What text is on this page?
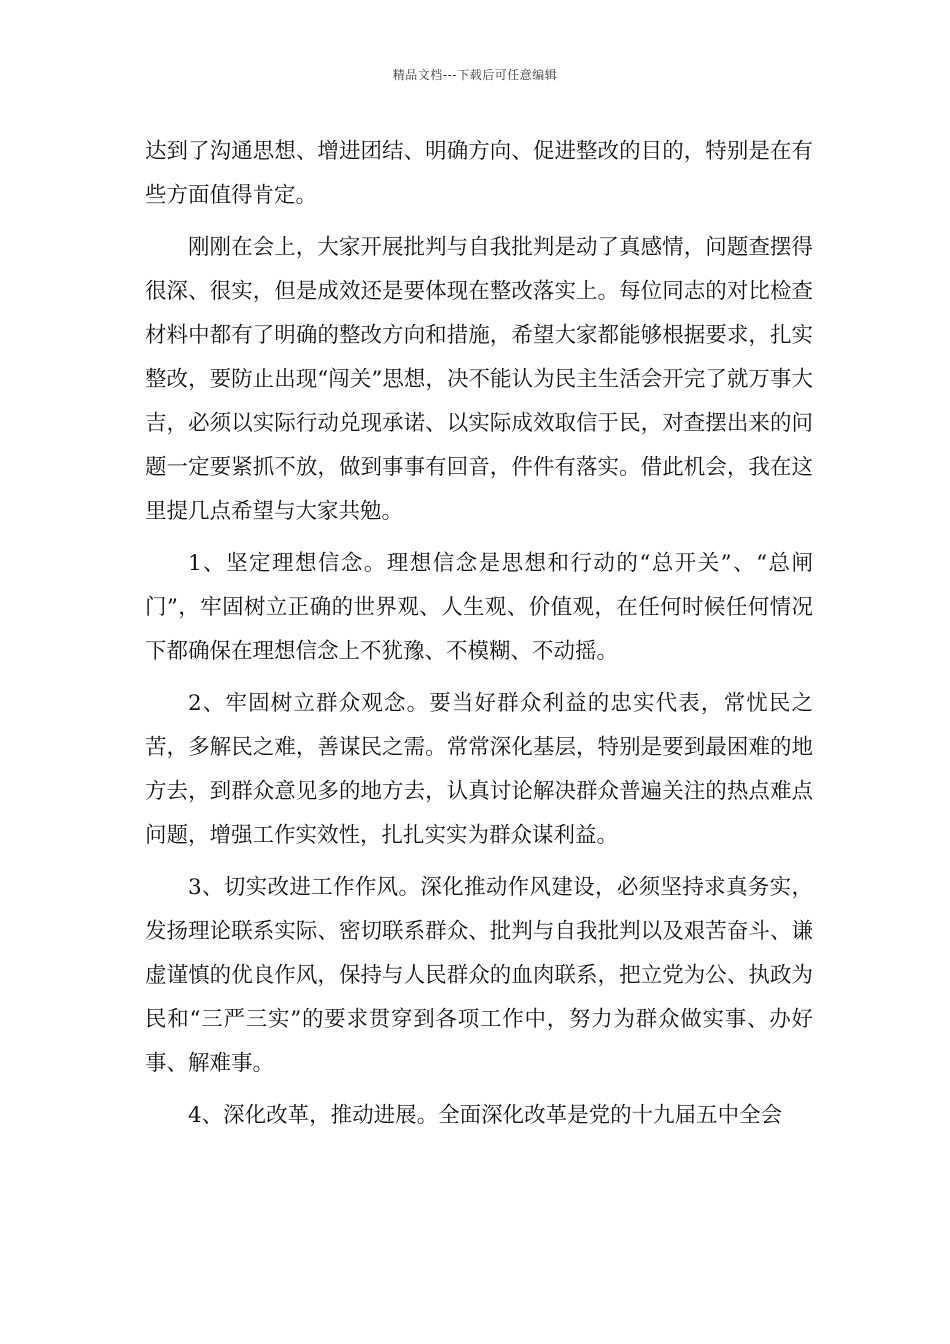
精品文档---下载后可任意编辑

达到了沟通思想、增进团结、明确方向、促进整改的目的，特别是在有些方面值得肯定。

刚刚在会上，大家开展批判与自我批判是动了真感情，问题查摆得很深、很实，但是成效还是要体现在整改落实上。每位同志的对比检查材料中都有了明确的整改方向和措施，希望大家都能够根据要求，扎实整改，要防止出现“闯关”思想，决不能认为民主生活会开完了就万事大吉，必须以实际行动兑现承诺、以实际成效取信于民，对查摆出来的问题一定要紧抓不放，做到事事有回音，件件有落实。借此机会，我在这里提几点希望与大家共勉。

1、坚定理想信念。理想信念是思想和行动的“总开关”、“总闸门”，牢固树立正确的世界观、人生观、价值观，在任何时候任何情况下都确保在理想信念上不犹豫、不模糊、不动摇。

2、牢固树立群众观念。要当好群众利益的忠实代表，常忧民之苦，多解民之难，善谋民之需。常常深化基层，特别是要到最困难的地方去，到群众意见多的地方去，认真讨论解决群众普遍关注的热点难点问题，增强工作实效性，扎扎实实为群众谋利益。

3、切实改进工作作风。深化推动作风建设，必须坚持求真务实，发扬理论联系实际、密切联系群众、批判与自我批判以及艰苦奋斗、谦虚谨慎的优良作风，保持与人民群众的血肉联系，把立党为公、执政为民和“三严三实”的要求贯穿到各项工作中，努力为群众做实事、办好事、解难事。

4、深化改革，推动进展。全面深化改革是党的十九届五中全会
